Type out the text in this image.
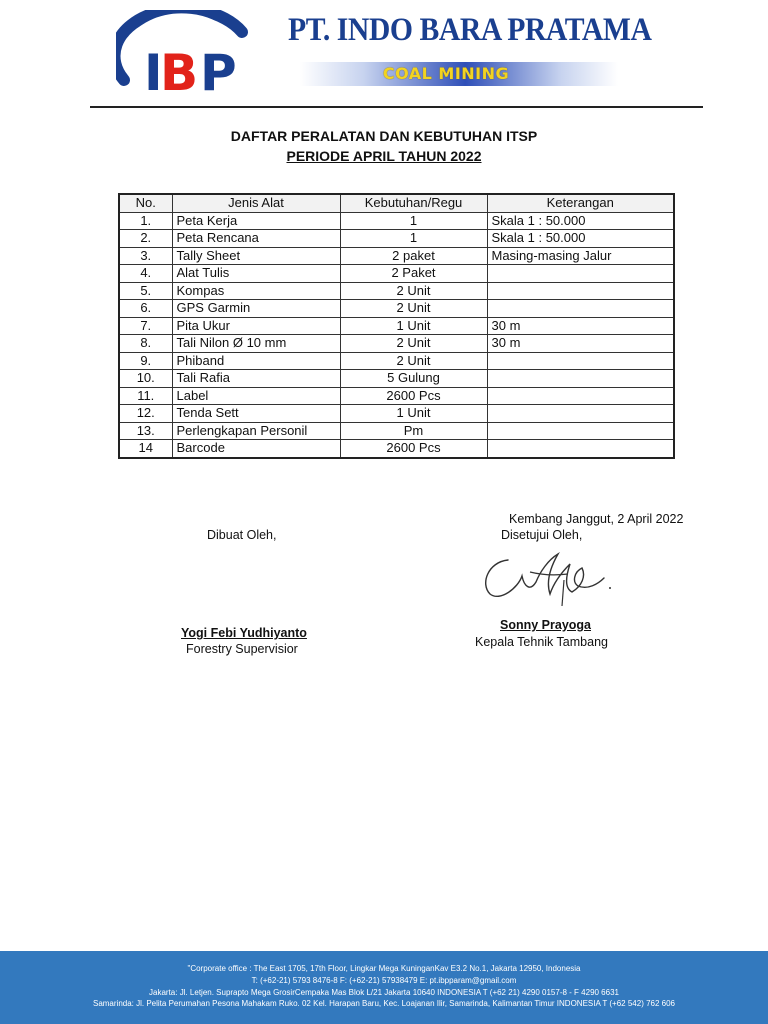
I B P
PT. INDO BARA PRATAMA
COAL MINING
DAFTAR PERALATAN DAN KEBUTUHAN ITSP
PERIODE APRIL TAHUN 2022
No.	Jenis Alat	Kebutuhan/Regu	Keterangan
1.	Peta Kerja	1	Skala 1 : 50.000
2.	Peta Rencana	1	Skala 1 : 50.000
3.	Tally Sheet	2 paket	Masing-masing Jalur
4.	Alat Tulis	2 Paket	
5.	Kompas	2 Unit	
6.	GPS Garmin	2 Unit	
7.	Pita Ukur	1 Unit	30 m
8.	Tali Nilon Ø 10 mm	2 Unit	30 m
9.	Phiband	2 Unit	
10.	Tali Rafia	5 Gulung	
11.	Label	2600 Pcs	
12.	Tenda Sett	1 Unit	
13.	Perlengkapan Personil	Pm	
14	Barcode	2600 Pcs	
Kembang Janggut, 2 April 2022
Dibuat Oleh,	Disetujui Oleh,
Yogi Febi Yudhiyanto
Forestry Supervisior
Sonny Prayoga
Kepala Tehnik Tambang
"Corporate office : The East 1705, 17th Floor, Lingkar Mega KuninganKav E3.2 No.1, Jakarta 12950, Indonesia
T: (+62-21) 5793 8476-8 F: (+62-21) 57938479 E: pt.ibpparam@gmail.com
Jakarta: Jl. Letjen. Suprapto Mega GrosirCempaka Mas Blok L/21 Jakarta 10640 INDONESIA T (+62 21) 4290 0157-8 - F 4290 6631
Samarinda: Jl. Pelita Perumahan Pesona Mahakam Ruko. 02 Kel. Harapan Baru, Kec. Loajanan Ilir, Samarinda, Kalimantan Timur INDONESIA T (+62 542) 762 606
